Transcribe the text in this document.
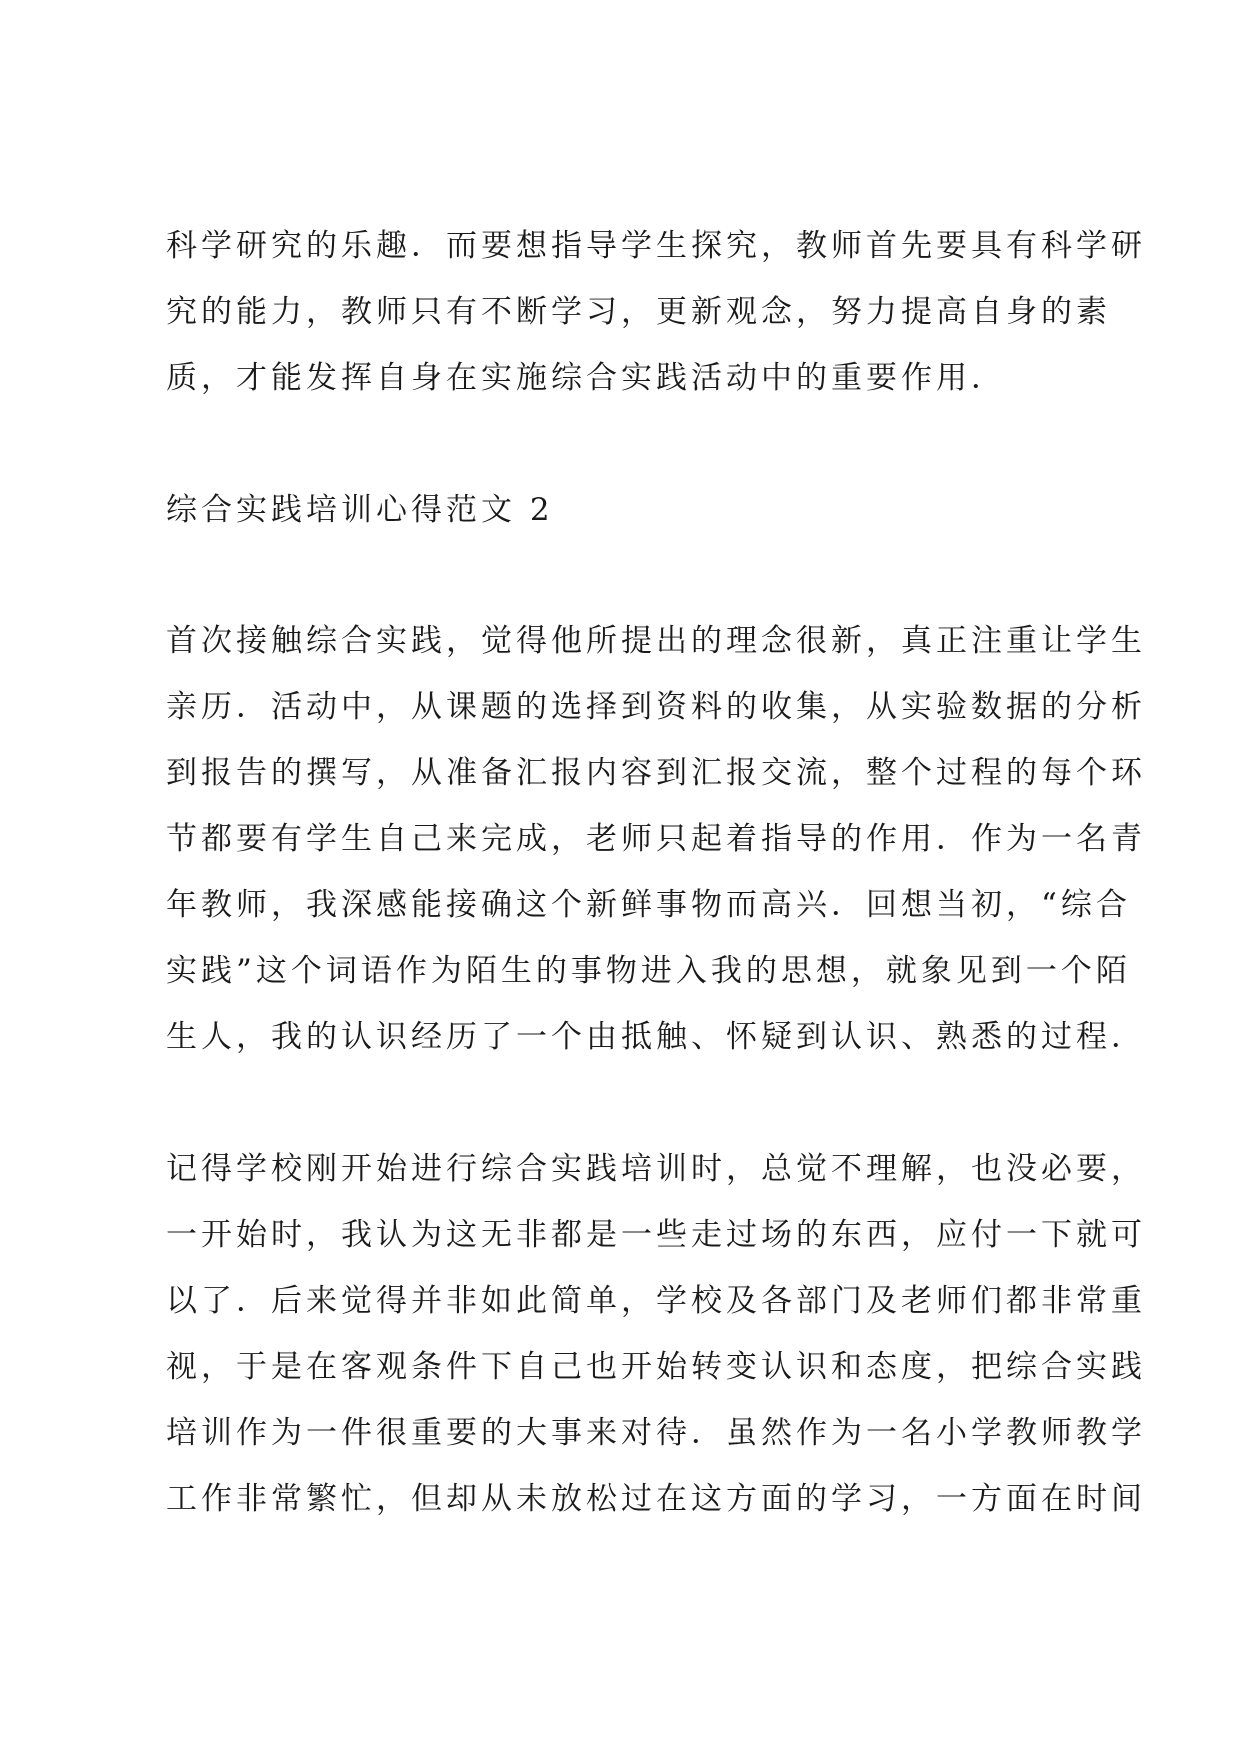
科学研究的乐趣．而要想指导学生探究，教师首先要具有科学研
究的能力，教师只有不断学习，更新观念，努力提高自身的素
质，才能发挥自身在实施综合实践活动中的重要作用．
综合实践培训心得范文 2
首次接触综合实践，觉得他所提出的理念很新，真正注重让学生
亲历．活动中，从课题的选择到资料的收集，从实验数据的分析
到报告的撰写，从准备汇报内容到汇报交流，整个过程的每个环
节都要有学生自己来完成，老师只起着指导的作用．作为一名青
年教师，我深感能接确这个新鲜事物而高兴．回想当初，“综合
实践”这个词语作为陌生的事物进入我的思想，就象见到一个陌
生人，我的认识经历了一个由抵触、怀疑到认识、熟悉的过程．
记得学校刚开始进行综合实践培训时，总觉不理解，也没必要，
一开始时，我认为这无非都是一些走过场的东西，应付一下就可
以了．后来觉得并非如此简单，学校及各部门及老师们都非常重
视，于是在客观条件下自己也开始转变认识和态度，把综合实践
培训作为一件很重要的大事来对待．虽然作为一名小学教师教学
工作非常繁忙，但却从未放松过在这方面的学习，一方面在时间
